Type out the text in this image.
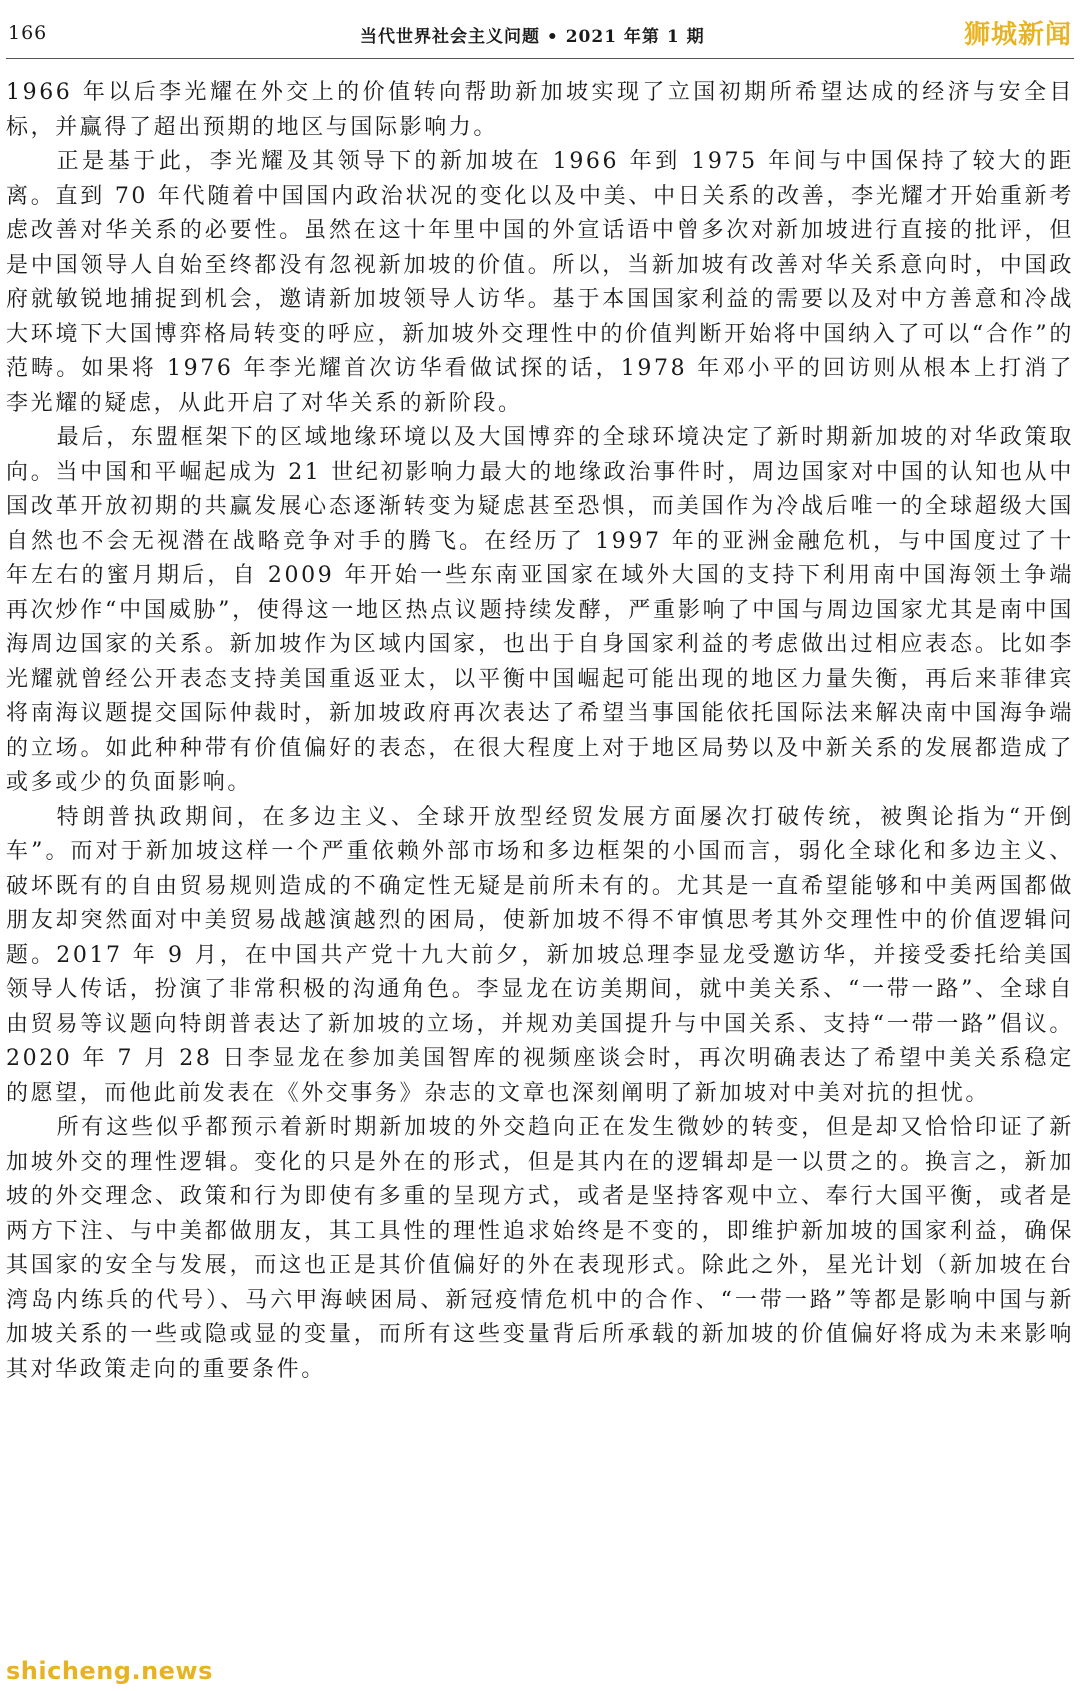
166	当代世界社会主义问题 • 2021 年第 1 期	狮城新闻

1966 年以后李光耀在外交上的价值转向帮助新加坡实现了立国初期所希望达成的经济与安全目标，并赢得了超出预期的地区与国际影响力。

正是基于此，李光耀及其领导下的新加坡在 1966 年到 1975 年间与中国保持了较大的距离。直到 70 年代随着中国国内政治状况的变化以及中美、中日关系的改善，李光耀才开始重新考虑改善对华关系的必要性。虽然在这十年里中国的外宣话语中曾多次对新加坡进行直接的批评，但是中国领导人自始至终都没有忽视新加坡的价值。所以，当新加坡有改善对华关系意向时，中国政府就敏锐地捕捉到机会，邀请新加坡领导人访华。基于本国国家利益的需要以及对中方善意和冷战大环境下大国博弈格局转变的呼应，新加坡外交理性中的价值判断开始将中国纳入了可以“合作”的范畴。如果将 1976 年李光耀首次访华看做试探的话，1978 年邓小平的回访则从根本上打消了李光耀的疑虑，从此开启了对华关系的新阶段。

最后，东盟框架下的区域地缘环境以及大国博弈的全球环境决定了新时期新加坡的对华政策取向。当中国和平崛起成为 21 世纪初影响力最大的地缘政治事件时，周边国家对中国的认知也从中国改革开放初期的共赢发展心态逐渐转变为疑虑甚至恐惧，而美国作为冷战后唯一的全球超级大国自然也不会无视潜在战略竞争对手的腾飞。在经历了 1997 年的亚洲金融危机，与中国度过了十年左右的蜜月期后，自 2009 年开始一些东南亚国家在域外大国的支持下利用南中国海领土争端再次炒作“中国威胁”，使得这一地区热点议题持续发酵，严重影响了中国与周边国家尤其是南中国海周边国家的关系。新加坡作为区域内国家，也出于自身国家利益的考虑做出过相应表态。比如李光耀就曾经公开表态支持美国重返亚太，以平衡中国崛起可能出现的地区力量失衡，再后来菲律宾将南海议题提交国际仲裁时，新加坡政府再次表达了希望当事国能依托国际法来解决南中国海争端的立场。如此种种带有价值偏好的表态，在很大程度上对于地区局势以及中新关系的发展都造成了或多或少的负面影响。

特朗普执政期间，在多边主义、全球开放型经贸发展方面屡次打破传统，被舆论指为“开倒车”。而对于新加坡这样一个严重依赖外部市场和多边框架的小国而言，弱化全球化和多边主义、破坏既有的自由贸易规则造成的不确定性无疑是前所未有的。尤其是一直希望能够和中美两国都做朋友却突然面对中美贸易战越演越烈的困局，使新加坡不得不审慎思考其外交理性中的价值逻辑问题。2017 年 9 月，在中国共产党十九大前夕，新加坡总理李显龙受邀访华，并接受委托给美国领导人传话，扮演了非常积极的沟通角色。李显龙在访美期间，就中美关系、“一带一路”、全球自由贸易等议题向特朗普表达了新加坡的立场，并规劝美国提升与中国关系、支持“一带一路”倡议。2020 年 7 月 28 日李显龙在参加美国智库的视频座谈会时，再次明确表达了希望中美关系稳定的愿望，而他此前发表在《外交事务》杂志的文章也深刻阐明了新加坡对中美对抗的担忧。

所有这些似乎都预示着新时期新加坡的外交趋向正在发生微妙的转变，但是却又恰恰印证了新加坡外交的理性逻辑。变化的只是外在的形式，但是其内在的逻辑却是一以贯之的。换言之，新加坡的外交理念、政策和行为即使有多重的呈现方式，或者是坚持客观中立、奉行大国平衡，或者是两方下注、与中美都做朋友，其工具性的理性追求始终是不变的，即维护新加坡的国家利益，确保其国家的安全与发展，而这也正是其价值偏好的外在表现形式。除此之外，星光计划（新加坡在台湾岛内练兵的代号）、马六甲海峡困局、新冠疫情危机中的合作、“一带一路”等都是影响中国与新加坡关系的一些或隐或显的变量，而所有这些变量背后所承载的新加坡的价值偏好将成为未来影响其对华政策走向的重要条件。

shicheng.news
